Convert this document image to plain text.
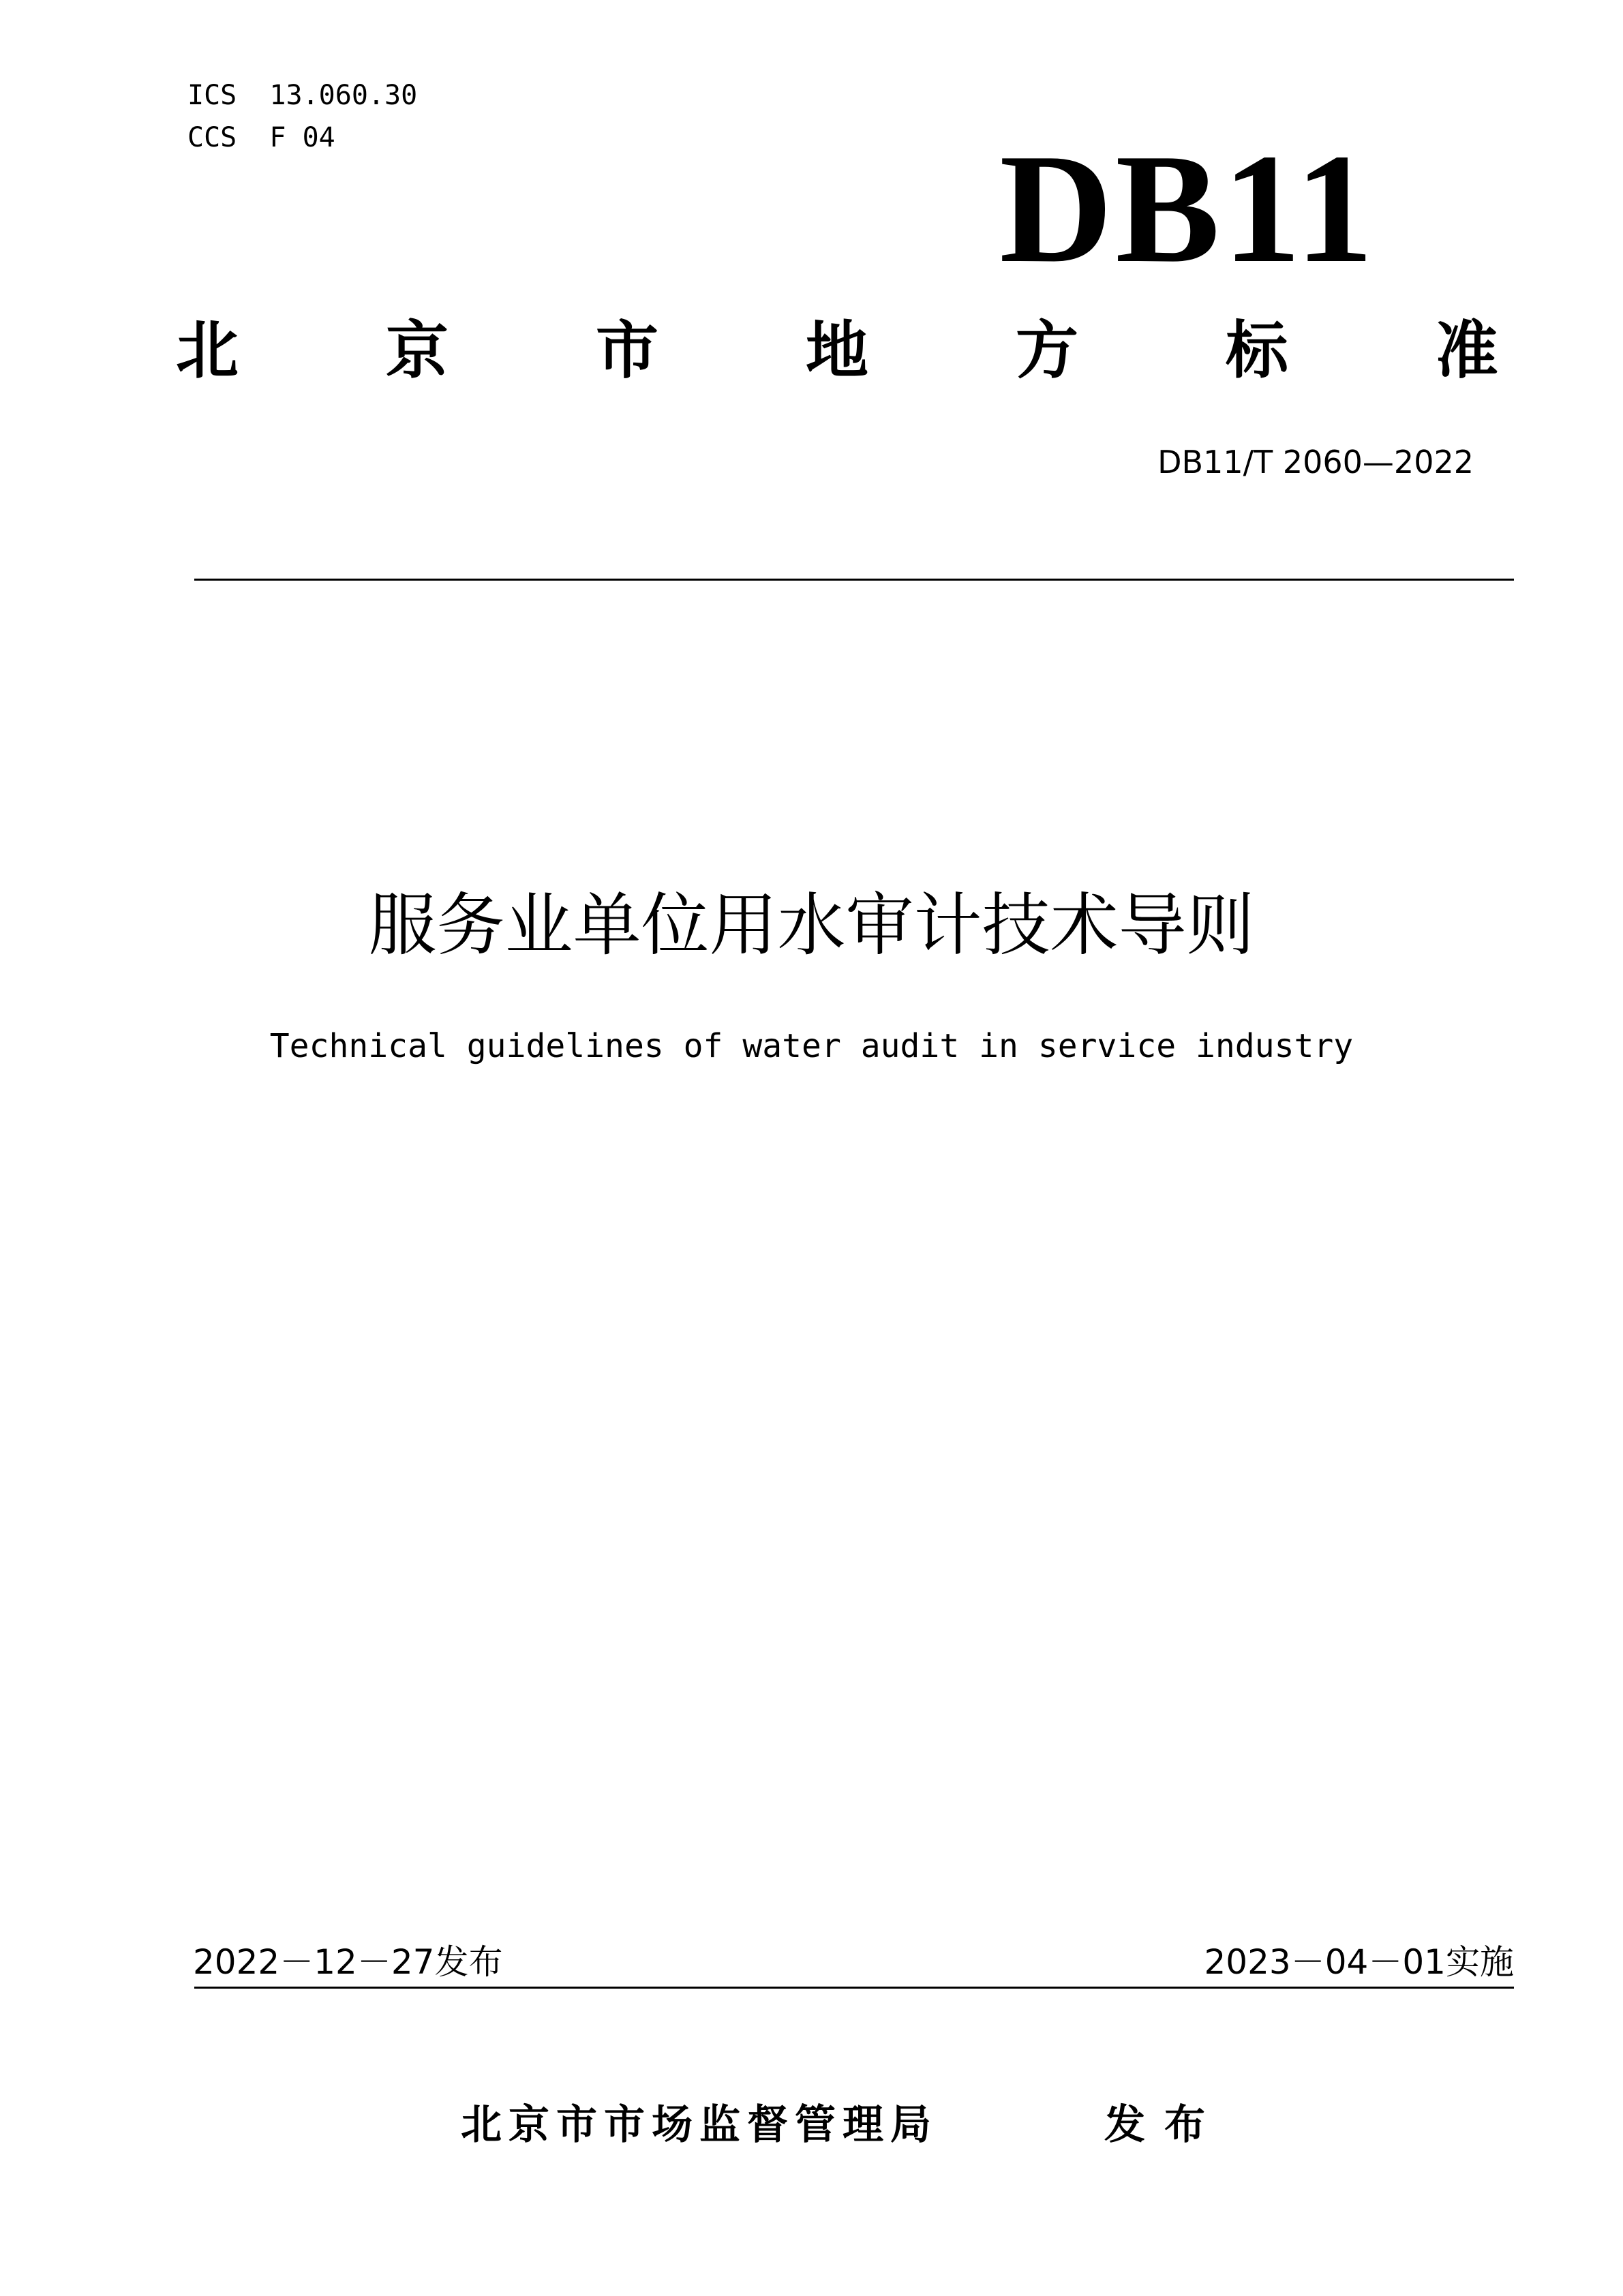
ICS  13.060.30
CCS  F 04	DB11
北 京 市 地 方 标 准
DB11/T 2060—2022
服务业单位用水审计技术导则
Technical guidelines of water audit in service industry
2022－12－27发布	2023－04－01实施
北京市市场监督管理局	发布
